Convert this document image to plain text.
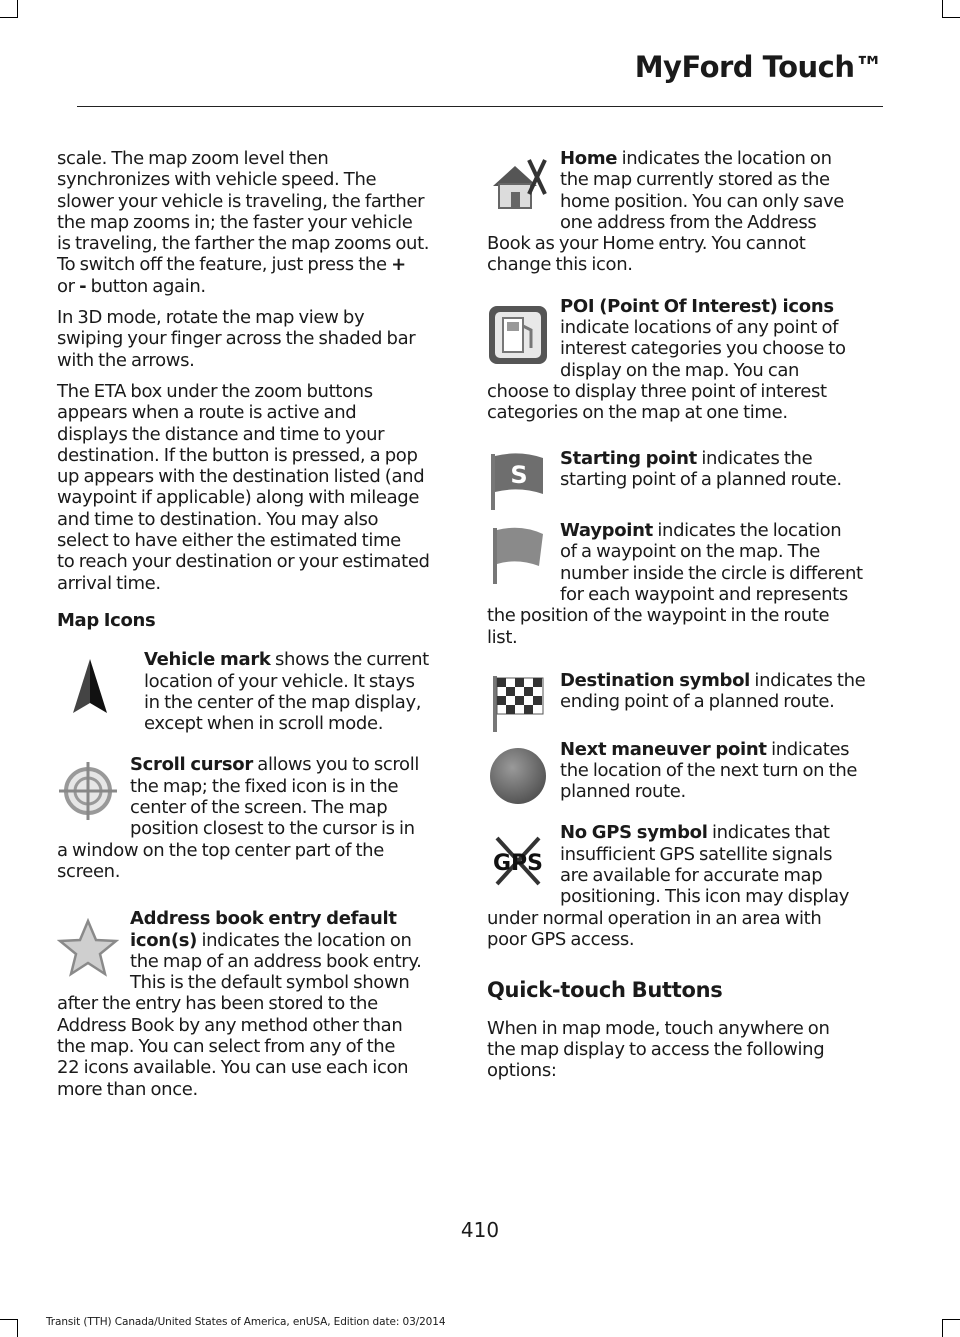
MyFord Touch™

scale. The map zoom level then
synchronizes with vehicle speed. The
slower your vehicle is traveling, the farther
the map zooms in; the faster your vehicle
is traveling, the farther the map zooms out.
To switch off the feature, just press the +
or - button again.

In 3D mode, rotate the map view by
swiping your finger across the shaded bar
with the arrows.

The ETA box under the zoom buttons
appears when a route is active and
displays the distance and time to your
destination. If the button is pressed, a pop
up appears with the destination listed (and
waypoint if applicable) along with mileage
and time to destination. You may also
select to have either the estimated time
to reach your destination or your estimated
arrival time.

Map Icons

Vehicle mark shows the current
location of your vehicle. It stays
in the center of the map display,
except when in scroll mode.

Scroll cursor allows you to scroll
the map; the fixed icon is in the
center of the screen. The map
position closest to the cursor is in
a window on the top center part of the
screen.

Address book entry default
icon(s) indicates the location on
the map of an address book entry.
This is the default symbol shown
after the entry has been stored to the
Address Book by any method other than
the map. You can select from any of the
22 icons available. You can use each icon
more than once.

Home indicates the location on
the map currently stored as the
home position. You can only save
one address from the Address
Book as your Home entry. You cannot
change this icon.

POI (Point Of Interest) icons
indicate locations of any point of
interest categories you choose to
display on the map. You can
choose to display three point of interest
categories on the map at one time.

S

Starting point indicates the
starting point of a planned route.

Waypoint indicates the location
of a waypoint on the map. The
number inside the circle is different
for each waypoint and represents
the position of the waypoint in the route
list.

Destination symbol indicates the
ending point of a planned route.

Next maneuver point indicates
the location of the next turn on the
planned route.

GPS

No GPS symbol indicates that
insufficient GPS satellite signals
are available for accurate map
positioning. This icon may display
under normal operation in an area with
poor GPS access.

Quick-touch Buttons

When in map mode, touch anywhere on
the map display to access the following
options:

410
Transit (TTH) Canada/United States of America, enUSA, Edition date: 03/2014
